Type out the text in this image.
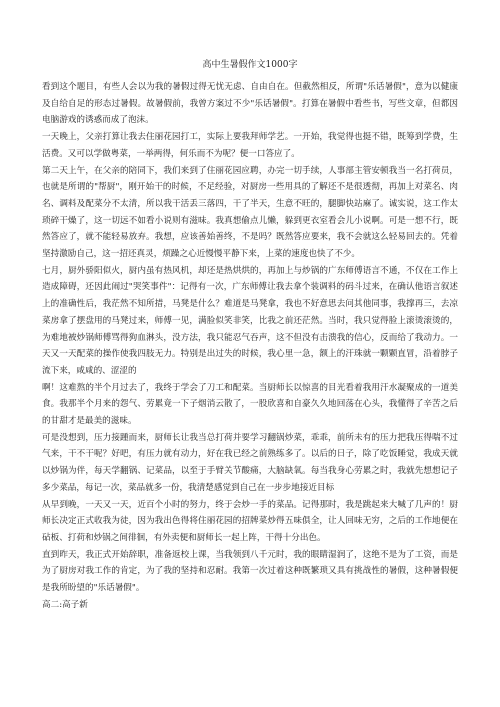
高中生暑假作文1000字

看到这个题目，有些人会以为我的暑假过得无忧无虑、自由自在。但截然相反，所谓"乐话暑假"，意为以健康及自给自足的形态过暑假。故暑假前，我曾方案过不少"乐话暑假"。打算在暑假中看些书，写些文章，但都因电脑游戏的诱惑而成了泡沫。

一天晚上，父亲打算让我去住丽花园打工，实际上要我拜师学艺。一开始，我觉得也挺不错，既筹到学费，生活费。又可以学做粤菜，一举两得，何乐而不为呢？便一口答应了。

第二天上午，在父亲的陪同下，我们来到了住丽花园应聘，办完一切手续，人事部主管安顿我当一名打荷员，也就是所谓的"帮厨"，刚开始干的时候，不足经验，对厨房一些用具的了解还不是很透彻，再加上对菜名、肉名、调料及配菜分不太清，所以我干活丢三落四，干了半天，生意不旺的，腿脚快站麻了。诚实说，这工作太琐碎干燥了，这一切远不如看小说则有滋味。我真想偷点儿懒，躲到更衣室看会儿小说啊。可是一想不行，既然答应了，就不能轻易放弃。我想，应该善始善终，不是吗？既然答应要来，我不会就这么轻易回去的。凭着坚持激励自己，这一招还真灵，烦躁之心近慢慢平静下来，上菜的速度也快了不少。

七月，厨外骄阳似火，厨内虽有热风机，却还是热烘烘的，再加上与炒锅的广东师傅语言不通，不仅在工作上造成障碍，还因此闹过"哭笑事件"：记得有一次，广东师傅让我去拿个装调料的码斗过来，在确认他语言叙述上的准确性后，我茫然不知所措，马凳是什么？难道是马凳拿，我也不好意思去问其他同事，我撑再三，去凉菜房拿了摆盘用的马凳过来，师傅一见，满脸似笑非笑，比我之前还茫然。当时，我只觉得脸上滚烫滚烫的，为难地被炒锅师傅骂得狗血淋头，没方法，我只能忍气吞声，这不但没有击溃我的信心，反而给了我动力。一天又一天配菜的操作使我四肢无力。特别是出过失的时候，我心里一急，额上的汗珠就一颗颗直冒，沿着脖子流下来，咸咸的、涩涩的

啊！这难熬的半个月过去了，我终于学会了刀工和配菜。当厨师长以惊喜的目光看着我用汗水凝聚成的一道美食。我那半个月来的怨气、劳累竟一下子烟消云散了，一股欣喜和自豪久久地回荡在心头，我懂得了辛苦之后的甘甜才是最美的滋味。

可是没想到，压力接踵而来，厨师长让我当总打荷并要学习翻锅炒菜，乖乖，前所未有的压力把我压得喘不过气来，干不干呢？好吧，有压力就有动力，好在我已经之前熟练多了。以后的日子，除了吃饭睡觉，我成天就以炒锅为伴，每天学翻锅、记菜品，以至于手臂关节酸痛，大脑缺氧。每当我身心劳累之时，我就先想想记子多少菜品，每记一次，菜品就多一份，我清楚感觉到自己在一步步地接近目标

从早到晚，一天又一天，近百个小时的努力，终于会炒一手的菜品。记得那时，我是跳起来大喊了几声的！厨师长决定正式收我为徒，因为我出色得将住丽花园的招牌菜炒得五味俱全，让人回味无穷，之后的工作地便在砧板、打荷和炒锅之间徘徊，有外卖便和厨师长一起上阵，干得十分出色。

直到昨天，我正式开始辞职，准备返校上课，当我领到八千元时，我的眼睛湿润了，这绝不是为了工资，而是为了厨房对我工作的肯定，为了我的坚持和忍耐。我第一次过着这种既繁琐又具有挑战性的暑假，这种暑假便是我所盼望的"乐话暑假"。

高二:高子新
